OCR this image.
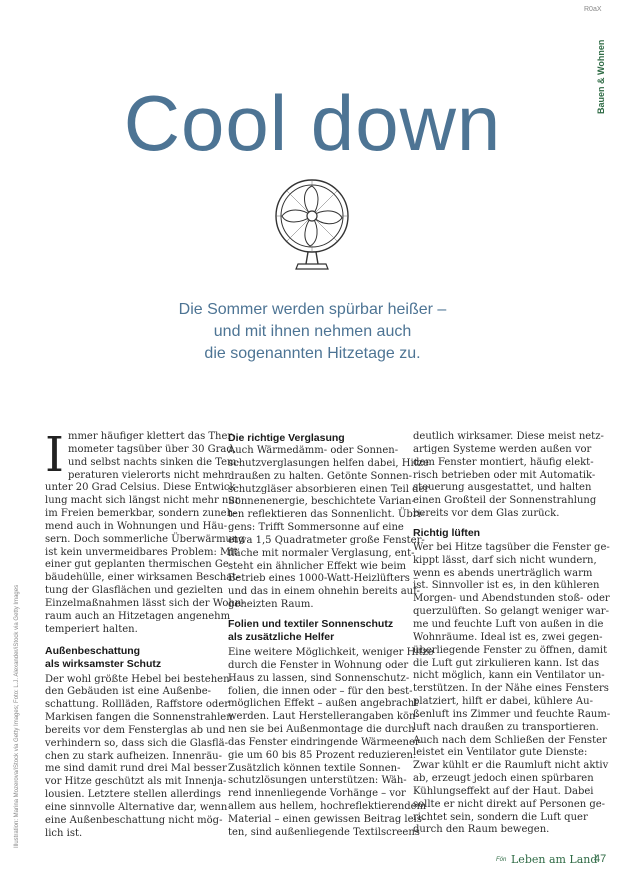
R0aX
Bauen & Wohnen
Cool down
Die Sommer werden spürbar heißer –
und mit ihnen nehmen auch
die sogenannten Hitzetage zu.
I mmer häufiger klettert das Ther-
mometer tagsüber über 30 Grad,
und selbst nachts sinken die Tem-
peraturen vielerorts nicht mehr
unter 20 Grad Celsius. Diese Entwick-
lung macht sich längst nicht mehr nur
im Freien bemerkbar, sondern zuneh-
mend auch in Wohnungen und Häu-
sern. Doch sommerliche Überwärmung
ist kein unvermeidbares Problem: Mit
einer gut geplanten thermischen Ge-
bäudehülle, einer wirksamen Beschat-
tung der Glasflächen und gezielten
Einzelmaßnahmen lässt sich der Wohn-
raum auch an Hitzetagen angenehm
temperiert halten.
Außenbeschattung
als wirksamster Schutz
Der wohl größte Hebel bei bestehen-
den Gebäuden ist eine Außenbe-
schattung. Rollläden, Raffstore oder
Markisen fangen die Sonnenstrahlen
bereits vor dem Fensterglas ab und
verhindern so, dass sich die Glasflä-
chen zu stark aufheizen. Innenräu-
me sind damit rund drei Mal besser
vor Hitze geschützt als mit Innenja-
lousien. Letztere stellen allerdings
eine sinnvolle Alternative dar, wenn
eine Außenbeschattung nicht mög-
lich ist.
Die richtige Verglasung
Auch Wärmedämm- oder Sonnen-
schutzverglasungen helfen dabei, Hitze
draußen zu halten. Getönte Sonnen-
schutzgläser absorbieren einen Teil der
Sonnenenergie, beschichtete Varian-
ten reflektieren das Sonnenlicht. Übri-
gens: Trifft Sommersonne auf eine
etwa 1,5 Quadratmeter große Fenster-
fläche mit normaler Verglasung, ent-
steht ein ähnlicher Effekt wie beim
Betrieb eines 1000-Watt-Heizlüfters –
und das in einem ohnehin bereits auf-
geheizten Raum.
Folien und textiler Sonnenschutz
als zusätzliche Helfer
Eine weitere Möglichkeit, weniger Hitze
durch die Fenster in Wohnung oder
Haus zu lassen, sind Sonnenschutz-
folien, die innen oder – für den best-
möglichen Effekt – außen angebracht
werden. Laut Herstellerangaben kön-
nen sie bei Außenmontage die durch
das Fenster eindringende Wärmeener-
gie um 60 bis 85 Prozent reduzieren.
Zusätzlich können textile Sonnen-
schutzlösungen unterstützen: Wäh-
rend innenliegende Vorhänge – vor
allem aus hellem, hochreflektierendem
Material – einen gewissen Beitrag leis-
ten, sind außenliegende Textilscreens
deutlich wirksamer. Diese meist netz-
artigen Systeme werden außen vor
dem Fenster montiert, häufig elekt-
risch betrieben oder mit Automatik-
steuerung ausgestattet, und halten
einen Großteil der Sonnenstrahlung
bereits vor dem Glas zurück.
Richtig lüften
Wer bei Hitze tagsüber die Fenster ge-
kippt lässt, darf sich nicht wundern,
wenn es abends unerträglich warm
ist. Sinnvoller ist es, in den kühleren
Morgen- und Abendstunden stoß- oder
querzulüften. So gelangt weniger war-
me und feuchte Luft von außen in die
Wohnräume. Ideal ist es, zwei gegen-
überliegende Fenster zu öffnen, damit
die Luft gut zirkulieren kann. Ist das
nicht möglich, kann ein Ventilator un-
terstützen. In der Nähe eines Fensters
platziert, hilft er dabei, kühlere Au-
ßenluft ins Zimmer und feuchte Raum-
luft nach draußen zu transportieren.
Auch nach dem Schließen der Fenster
leistet ein Ventilator gute Dienste:
Zwar kühlt er die Raumluft nicht aktiv
ab, erzeugt jedoch einen spürbaren
Kühlungseffekt auf der Haut. Dabei
sollte er nicht direkt auf Personen ge-
richtet sein, sondern die Luft quer
durch den Raum bewegen.
Illustration: Marina Mozerova/iStock via Getty Images; Foto: L.J. Alexander/iStock via Getty Images
Fön Leben am Land
47
